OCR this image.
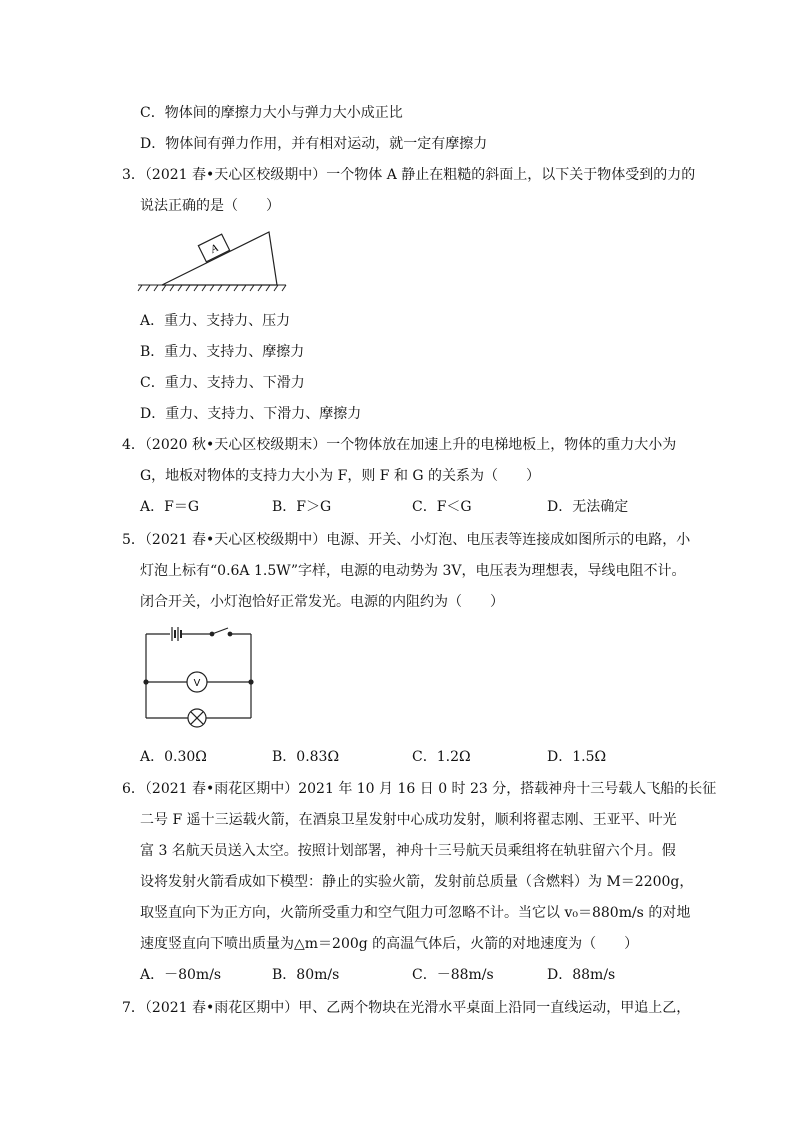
C．物体间的摩擦力大小与弹力大小成正比
D．物体间有弹力作用，并有相对运动，就一定有摩擦力
3．（2021 春•天心区校级期中）一个物体 A 静止在粗糙的斜面上，以下关于物体受到的力的
说法正确的是（　　）
A
A．重力、支持力、压力
B．重力、支持力、摩擦力
C．重力、支持力、下滑力
D．重力、支持力、下滑力、摩擦力
4．（2020 秋•天心区校级期末）一个物体放在加速上升的电梯地板上，物体的重力大小为
G，地板对物体的支持力大小为 F，则 F 和 G 的关系为（　　）
A．F＝G	B．F＞G	C．F＜G	D．无法确定
5．（2021 春•天心区校级期中）电源、开关、小灯泡、电压表等连接成如图所示的电路，小
灯泡上标有“0.6A 1.5W”字样，电源的电动势为 3V，电压表为理想表，导线电阻不计。
闭合开关，小灯泡恰好正常发光。电源的内阻约为（　　）
V
A．0.30Ω	B．0.83Ω	C．1.2Ω	D．1.5Ω
6．（2021 春•雨花区期中）2021 年 10 月 16 日 0 时 23 分，搭载神舟十三号载人飞船的长征
二号 F 遥十三运载火箭，在酒泉卫星发射中心成功发射，顺利将翟志刚、王亚平、叶光
富 3 名航天员送入太空。按照计划部署，神舟十三号航天员乘组将在轨驻留六个月。假
设将发射火箭看成如下模型：静止的实验火箭，发射前总质量（含燃料）为 M＝2200g，
取竖直向下为正方向，火箭所受重力和空气阻力可忽略不计。当它以 v₀＝880m/s 的对地
速度竖直向下喷出质量为△m＝200g 的高温气体后，火箭的对地速度为（　　）
A．－80m/s	B．80m/s	C．－88m/s	D．88m/s
7．（2021 春•雨花区期中）甲、乙两个物块在光滑水平桌面上沿同一直线运动，甲追上乙，
